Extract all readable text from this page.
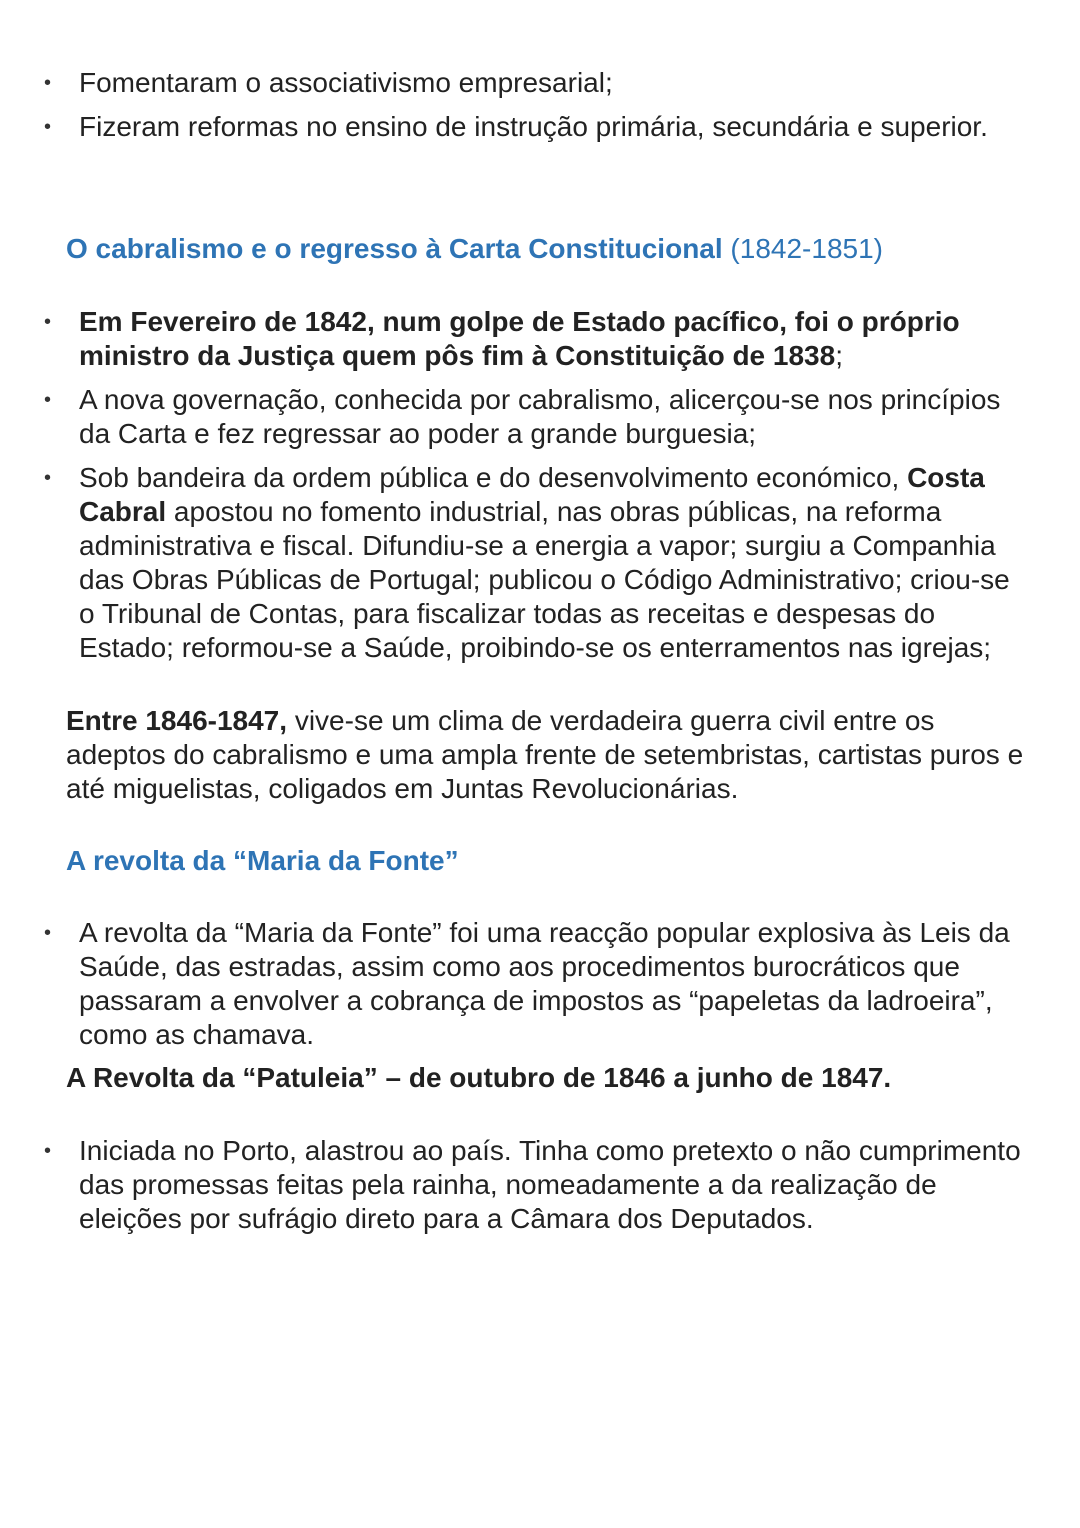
• Fomentaram o associativismo empresarial;
• Fizeram reformas no ensino de instrução primária, secundária e superior.
O cabralismo e o regresso à Carta Constitucional (1842-1851)
• Em Fevereiro de 1842, num golpe de Estado pacífico, foi o próprio ministro da Justiça quem pôs fim à Constituição de 1838;
• A nova governação, conhecida por cabralismo, alicerçou-se nos princípios da Carta e fez regressar ao poder a grande burguesia;
• Sob bandeira da ordem pública e do desenvolvimento económico, Costa Cabral apostou no fomento industrial, nas obras públicas, na reforma administrativa e fiscal. Difundiu-se a energia a vapor; surgiu a Companhia das Obras Públicas de Portugal; publicou o Código Administrativo; criou-se o Tribunal de Contas, para fiscalizar todas as receitas e despesas do Estado; reformou-se a Saúde, proibindo-se os enterramentos nas igrejas;
Entre 1846-1847, vive-se um clima de verdadeira guerra civil entre os adeptos do cabralismo e uma ampla frente de setembristas, cartistas puros e até miguelistas, coligados em Juntas Revolucionárias.
A revolta da “Maria da Fonte”
• A revolta da “Maria da Fonte” foi uma reacção popular explosiva às Leis da Saúde, das estradas, assim como aos procedimentos burocráticos que passaram a envolver a cobrança de impostos as “papeletas da ladroeira”, como as chamava.
A Revolta da “Patuleia” – de outubro de 1846 a junho de 1847.
• Iniciada no Porto, alastrou ao país. Tinha como pretexto o não cumprimento das promessas feitas pela rainha, nomeadamente a da realização de eleições por sufrágio direto para a Câmara dos Deputados.
